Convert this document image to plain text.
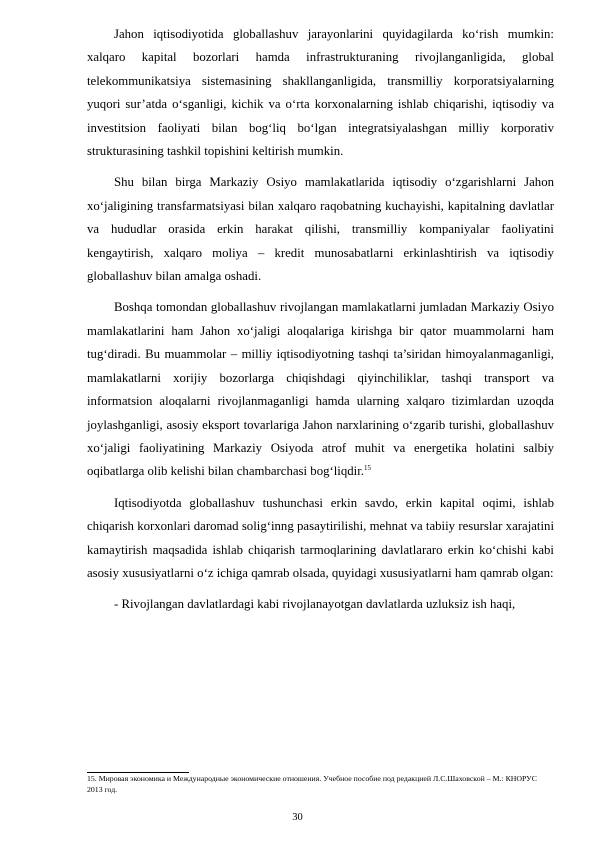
Jahon iqtisodiyotida globallashuv jarayonlarini quyidagilarda ko‘rish mumkin: xalqaro kapital bozorlari hamda infrastrukturaning rivojlanganligida, global telekommunikatsiya sistemasining shakllanganligida, transmilliy korporatsiyalarning yuqori sur’atda o‘sganligi, kichik va o‘rta korxonalarning ishlab chiqarishi, iqtisodiy va investitsion faoliyati bilan bog‘liq bo‘lgan integratsiyalashgan milliy korporativ strukturasining tashkil topishini keltirish mumkin.

Shu bilan birga Markaziy Osiyo mamlakatlarida iqtisodiy o‘zgarishlarni Jahon xo‘jaligining transfarmatsiyasi bilan xalqaro raqobatning kuchayishi, kapitalning davlatlar va hududlar orasida erkin harakat qilishi, transmilliy kompaniyalar faoliyatini kengaytirish, xalqaro moliya – kredit munosabatlarni erkinlashtirish va iqtisodiy globallashuv bilan amalga oshadi.

Boshqa tomondan globallashuv rivojlangan mamlakatlarni jumladan Markaziy Osiyo mamlakatlarini ham Jahon xo‘jaligi aloqalariga kirishga bir qator muammolarni ham tug‘diradi. Bu muammolar – milliy iqtisodiyotning tashqi ta’siridan himoyalanmaganligi, mamlakatlarni xorijiy bozorlarga chiqishdagi qiyinchiliklar, tashqi transport va informatsion aloqalarni rivojlanmaganligi hamda ularning xalqaro tizimlardan uzoqda joylashganligi, asosiy eksport tovarlariga Jahon narxlarining o‘zgarib turishi, globallashuv xo‘jaligi faoliyatining Markaziy Osiyoda atrof muhit va energetika holatini salbiy oqibatlarga olib kelishi bilan chambarchasi bog‘liqdir.$^{15}$

Iqtisodiyotda globallashuv tushunchasi erkin savdo, erkin kapital oqimi, ishlab chiqarish korxonlari daromad solig‘inng pasaytirilishi, mehnat va tabiiy resurslar xarajatini kamaytirish maqsadida ishlab chiqarish tarmoqlarining davlatlararo erkin ko‘chishi kabi asosiy xususiyatlarni o‘z ichiga qamrab olsada, quyidagi xususiyatlarni ham qamrab olgan:

- Rivojlangan davlatlardagi kabi rivojlanayotgan davlatlarda uzluksiz ish haqi,

15. Мировая экономика и Международные экономические отношения. Учебное пособие под редакцией Л.С.Шаховской – М.: КНОРУС 2013 год.

30
